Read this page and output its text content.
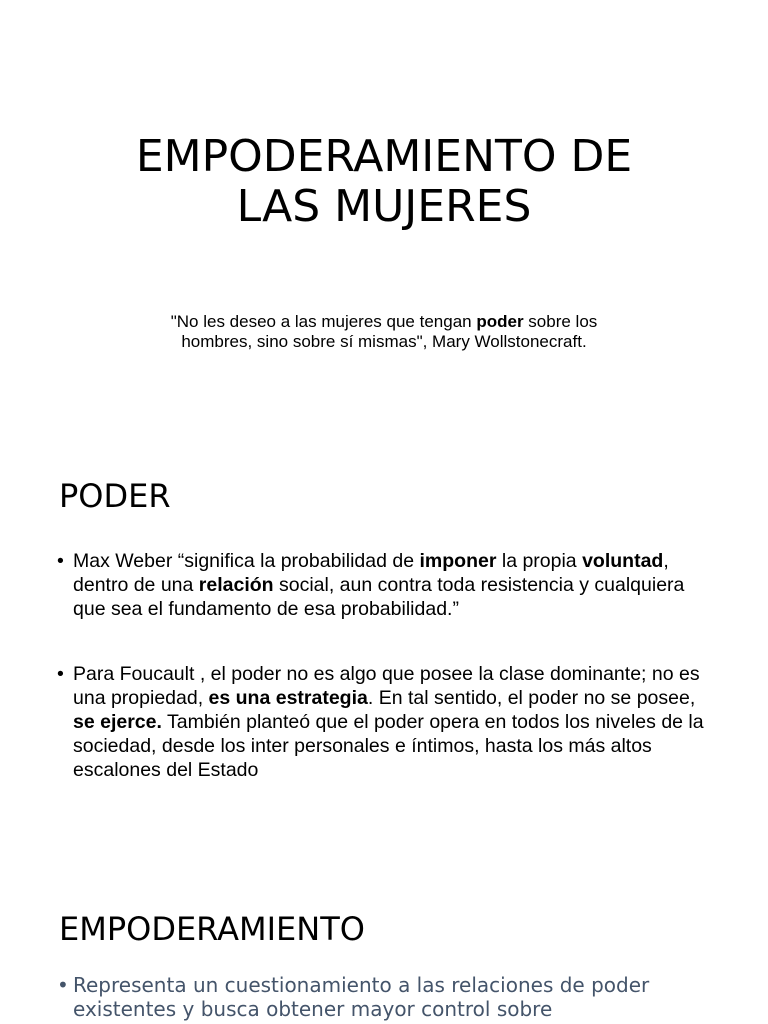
EMPODERAMIENTO DE
LAS MUJERES

"No les deseo a las mujeres que tengan poder sobre los
hombres, sino sobre sí mismas", Mary Wollstonecraft.

PODER
• Max Weber “significa la probabilidad de imponer la propia voluntad, dentro de una relación social, aun contra toda resistencia y cualquiera que sea el fundamento de esa probabilidad.”
• Para Foucault , el poder no es algo que posee la clase dominante; no es una propiedad, es una estrategia. En tal sentido, el poder no se posee, se ejerce. También planteó que el poder opera en todos los niveles de la sociedad, desde los inter personales e íntimos, hasta los más altos escalones del Estado
EMPODERAMIENTO
• Representa un cuestionamiento a las relaciones de poder existentes y busca obtener mayor control sobre
